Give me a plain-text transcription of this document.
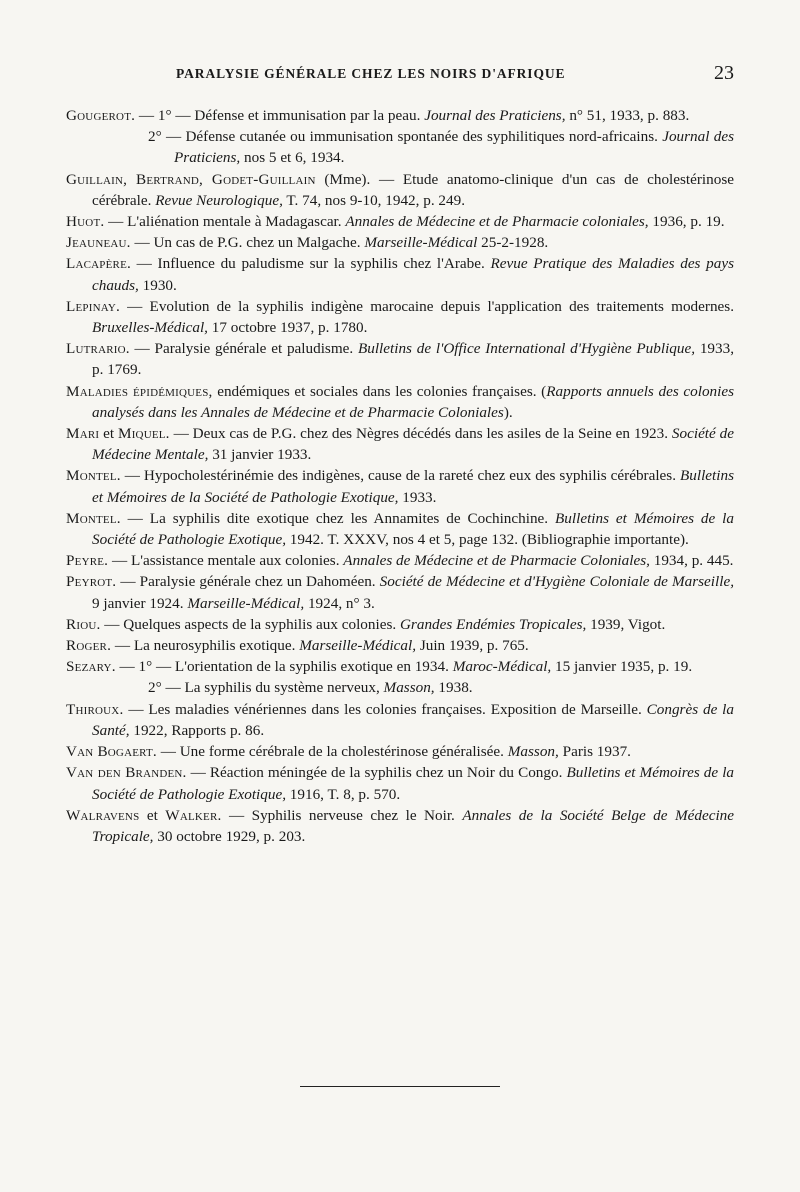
PARALYSIE GÉNÉRALE CHEZ LES NOIRS D'AFRIQUE	23
Gougerot. — 1° — Défense et immunisation par la peau. Journal des Praticiens, n° 51, 1933, p. 883.
2° — Défense cutanée ou immunisation spontanée des syphilitiques nord-africains. Journal des Praticiens, nos 5 et 6, 1934.
Guillain, Bertrand, Godet-Guillain (Mme). — Etude anatomo-clinique d'un cas de cholestérinose cérébrale. Revue Neurologique, T. 74, nos 9-10, 1942, p. 249.
Huot. — L'aliénation mentale à Madagascar. Annales de Médecine et de Pharmacie coloniales, 1936, p. 19.
Jeauneau. — Un cas de P.G. chez un Malgache. Marseille-Médical 25-2-1928.
Lacapère. — Influence du paludisme sur la syphilis chez l'Arabe. Revue Pratique des Maladies des pays chauds, 1930.
Lepinay. — Evolution de la syphilis indigène marocaine depuis l'application des traitements modernes. Bruxelles-Médical, 17 octobre 1937, p. 1780.
Lutrario. — Paralysie générale et paludisme. Bulletins de l'Office International d'Hygiène Publique, 1933, p. 1769.
Maladies épidémiques, endémiques et sociales dans les colonies françaises. (Rapports annuels des colonies analysés dans les Annales de Médecine et de Pharmacie Coloniales).
Mari et Miquel. — Deux cas de P.G. chez des Nègres décédés dans les asiles de la Seine en 1923. Société de Médecine Mentale, 31 janvier 1933.
Montel. — Hypocholestérinémie des indigènes, cause de la rareté chez eux des syphilis cérébrales. Bulletins et Mémoires de la Société de Pathologie Exotique, 1933.
Montel. — La syphilis dite exotique chez les Annamites de Cochinchine. Bulletins et Mémoires de la Société de Pathologie Exotique, 1942. T. XXXV, nos 4 et 5, page 132. (Bibliographie importante).
Peyre. — L'assistance mentale aux colonies. Annales de Médecine et de Pharmacie Coloniales, 1934, p. 445.
Peyrot. — Paralysie générale chez un Dahoméen. Société de Médecine et d'Hygiène Coloniale de Marseille, 9 janvier 1924. Marseille-Médical, 1924, n° 3.
Riou. — Quelques aspects de la syphilis aux colonies. Grandes Endémies Tropicales, 1939, Vigot.
Roger. — La neurosyphilis exotique. Marseille-Médical, Juin 1939, p. 765.
Sezary. — 1° — L'orientation de la syphilis exotique en 1934. Maroc-Médical, 15 janvier 1935, p. 19.
2° — La syphilis du système nerveux, Masson, 1938.
Thiroux. — Les maladies vénériennes dans les colonies françaises. Exposition de Marseille. Congrès de la Santé, 1922, Rapports p. 86.
Van Bogaert. — Une forme cérébrale de la cholestérinose généralisée. Masson, Paris 1937.
Van den Branden. — Réaction méningée de la syphilis chez un Noir du Congo. Bulletins et Mémoires de la Société de Pathologie Exotique, 1916, T. 8, p. 570.
Walravens et Walker. — Syphilis nerveuse chez le Noir. Annales de la Société Belge de Médecine Tropicale, 30 octobre 1929, p. 203.
